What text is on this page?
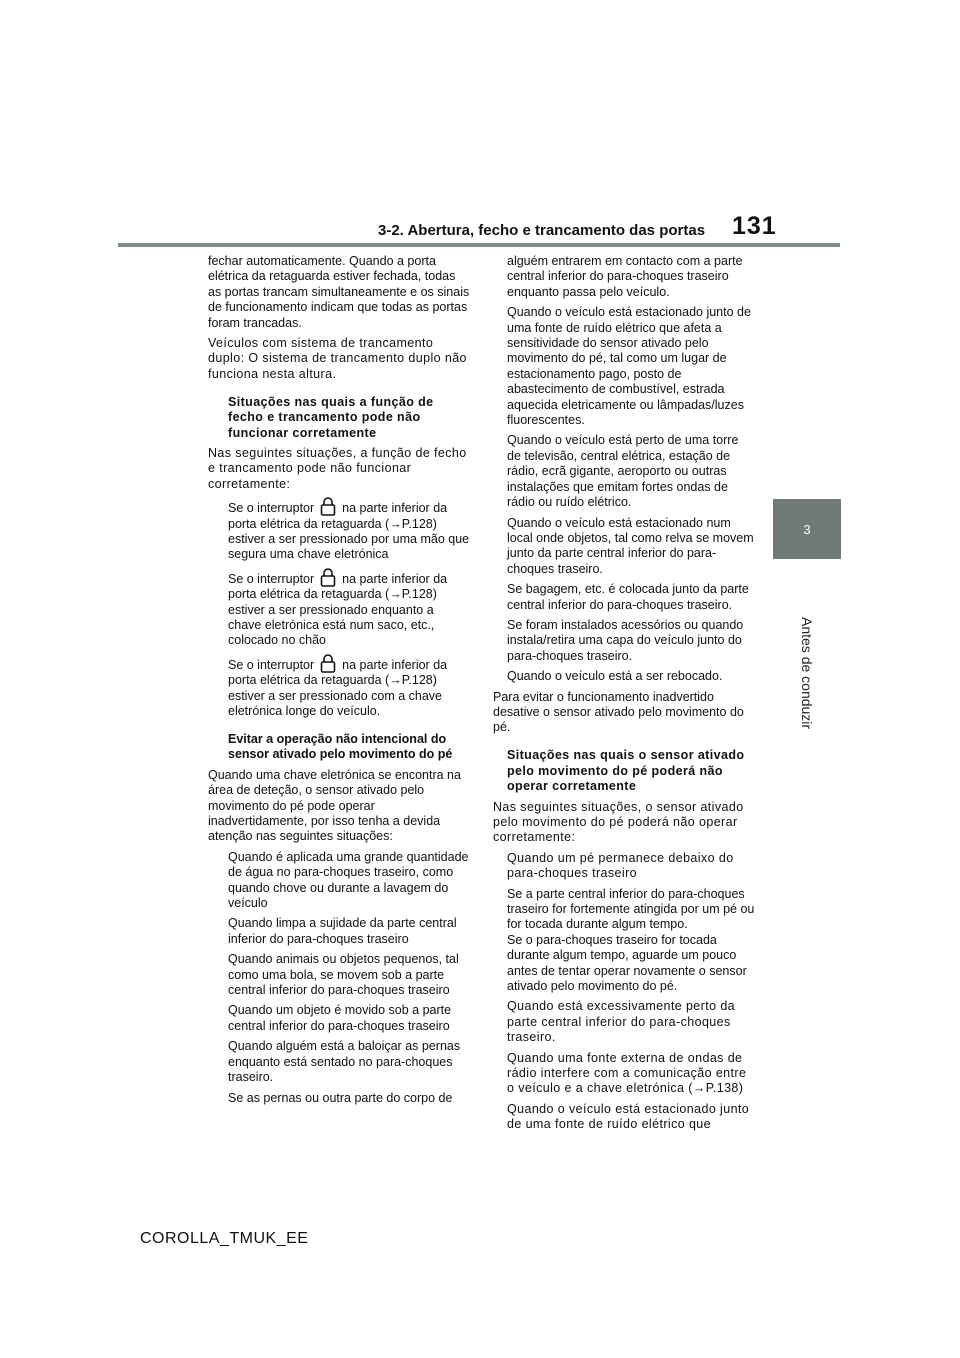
3-2. Abertura, fecho e trancamento das portas 131
3
Antes de conduzir

fechar automaticamente. Quando a porta elétrica da retaguarda estiver fechada, todas as portas trancam simultaneamente e os sinais de funcionamento indicam que todas as portas foram trancadas.

Veículos com sistema de trancamento duplo: O sistema de trancamento duplo não funciona nesta altura.

Situações nas quais a função de fecho e trancamento pode não funcionar corretamente

Nas seguintes situações, a função de fecho e trancamento pode não funcionar corretamente:

Se o interruptor na parte inferior da porta elétrica da retaguarda (→P.128) estiver a ser pressionado por uma mão que segura uma chave eletrónica

Se o interruptor na parte inferior da porta elétrica da retaguarda (→P.128) estiver a ser pressionado enquanto a chave eletrónica está num saco, etc., colocado no chão

Se o interruptor na parte inferior da porta elétrica da retaguarda (→P.128) estiver a ser pressionado com a chave eletrónica longe do veículo.

Evitar a operação não intencional do sensor ativado pelo movimento do pé

Quando uma chave eletrónica se encontra na área de deteção, o sensor ativado pelo movimento do pé pode operar inadvertidamente, por isso tenha a devida atenção nas seguintes situações:

Quando é aplicada uma grande quantidade de água no para-choques traseiro, como quando chove ou durante a lavagem do veículo

Quando limpa a sujidade da parte central inferior do para-choques traseiro

Quando animais ou objetos pequenos, tal como uma bola, se movem sob a parte central inferior do para-choques traseiro

Quando um objeto é movido sob a parte central inferior do para-choques traseiro

Quando alguém está a baloiçar as pernas enquanto está sentado no para-choques traseiro.

Se as pernas ou outra parte do corpo de

alguém entrarem em contacto com a parte central inferior do para-choques traseiro enquanto passa pelo veículo.

Quando o veículo está estacionado junto de uma fonte de ruído elétrico que afeta a sensitividade do sensor ativado pelo movimento do pé, tal como um lugar de estacionamento pago, posto de abastecimento de combustível, estrada aquecida eletricamente ou lâmpadas/luzes fluorescentes.

Quando o veículo está perto de uma torre de televisão, central elétrica, estação de rádio, ecrã gigante, aeroporto ou outras instalações que emitam fortes ondas de rádio ou ruído elétrico.

Quando o veículo está estacionado num local onde objetos, tal como relva se movem junto da parte central inferior do para-choques traseiro.

Se bagagem, etc. é colocada junto da parte central inferior do para-choques traseiro.

Se foram instalados acessórios ou quando instala/retira uma capa do veículo junto do para-choques traseiro.

Quando o veículo está a ser rebocado.

Para evitar o funcionamento inadvertido desative o sensor ativado pelo movimento do pé.

Situações nas quais o sensor ativado pelo movimento do pé poderá não operar corretamente

Nas seguintes situações, o sensor ativado pelo movimento do pé poderá não operar corretamente:

Quando um pé permanece debaixo do para-choques traseiro

Se a parte central inferior do para-choques traseiro for fortemente atingida por um pé ou for tocada durante algum tempo.

Se o para-choques traseiro for tocada durante algum tempo, aguarde um pouco antes de tentar operar novamente o sensor ativado pelo movimento do pé.

Quando está excessivamente perto da parte central inferior do para-choques traseiro.

Quando uma fonte externa de ondas de rádio interfere com a comunicação entre o veículo e a chave eletrónica (→P.138)

Quando o veículo está estacionado junto de uma fonte de ruído elétrico que

COROLLA_TMUK_EE
